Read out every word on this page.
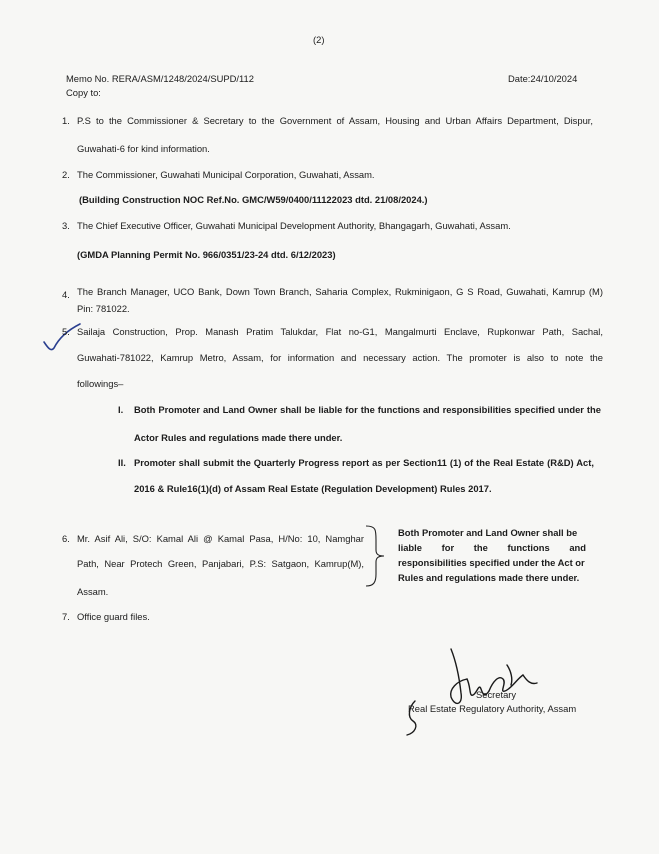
(2)
Memo No. RERA/ASM/1248/2024/SUPD/112	Date:24/10/2024
Copy to:
1. P.S to the Commissioner & Secretary to the Government of Assam, Housing and Urban Affairs Department, Dispur,
Guwahati-6 for kind information.
2. The Commissioner, Guwahati Municipal Corporation, Guwahati, Assam.
(Building Construction NOC Ref.No. GMC/W59/0400/11122023 dtd. 21/08/2024.)
3. The Chief Executive Officer, Guwahati Municipal Development Authority, Bhangagarh, Guwahati, Assam.
(GMDA Planning Permit No. 966/0351/23-24 dtd. 6/12/2023)
4. The Branch Manager, UCO Bank, Down Town Branch, Saharia Complex, Rukminigaon, G S Road, Guwahati, Kamrup (M)
Pin: 781022.
5. Sailaja Construction, Prop. Manash Pratim Talukdar, Flat no-G1, Mangalmurti Enclave, Rupkonwar Path, Sachal,
Guwahati-781022, Kamrup Metro, Assam, for information and necessary action. The promoter is also to note the
followings–
I. Both Promoter and Land Owner shall be liable for the functions and responsibilities specified under the
Actor Rules and regulations made there under.
II. Promoter shall submit the Quarterly Progress report as per Section11 (1) of the Real Estate (R&D) Act,
2016 & Rule16(1)(d) of Assam Real Estate (Regulation Development) Rules 2017.
6. Mr. Asif Ali, S/O: Kamal Ali @ Kamal Pasa, H/No: 10, Namghar
Path, Near Protech Green, Panjabari, P.S: Satgaon, Kamrup(M),
Assam.
Both Promoter and Land Owner shall be
liable for the functions and
responsibilities specified under the Act or
Rules and regulations made there under.
7. Office guard files.
Secretary
Real Estate Regulatory Authority, Assam
